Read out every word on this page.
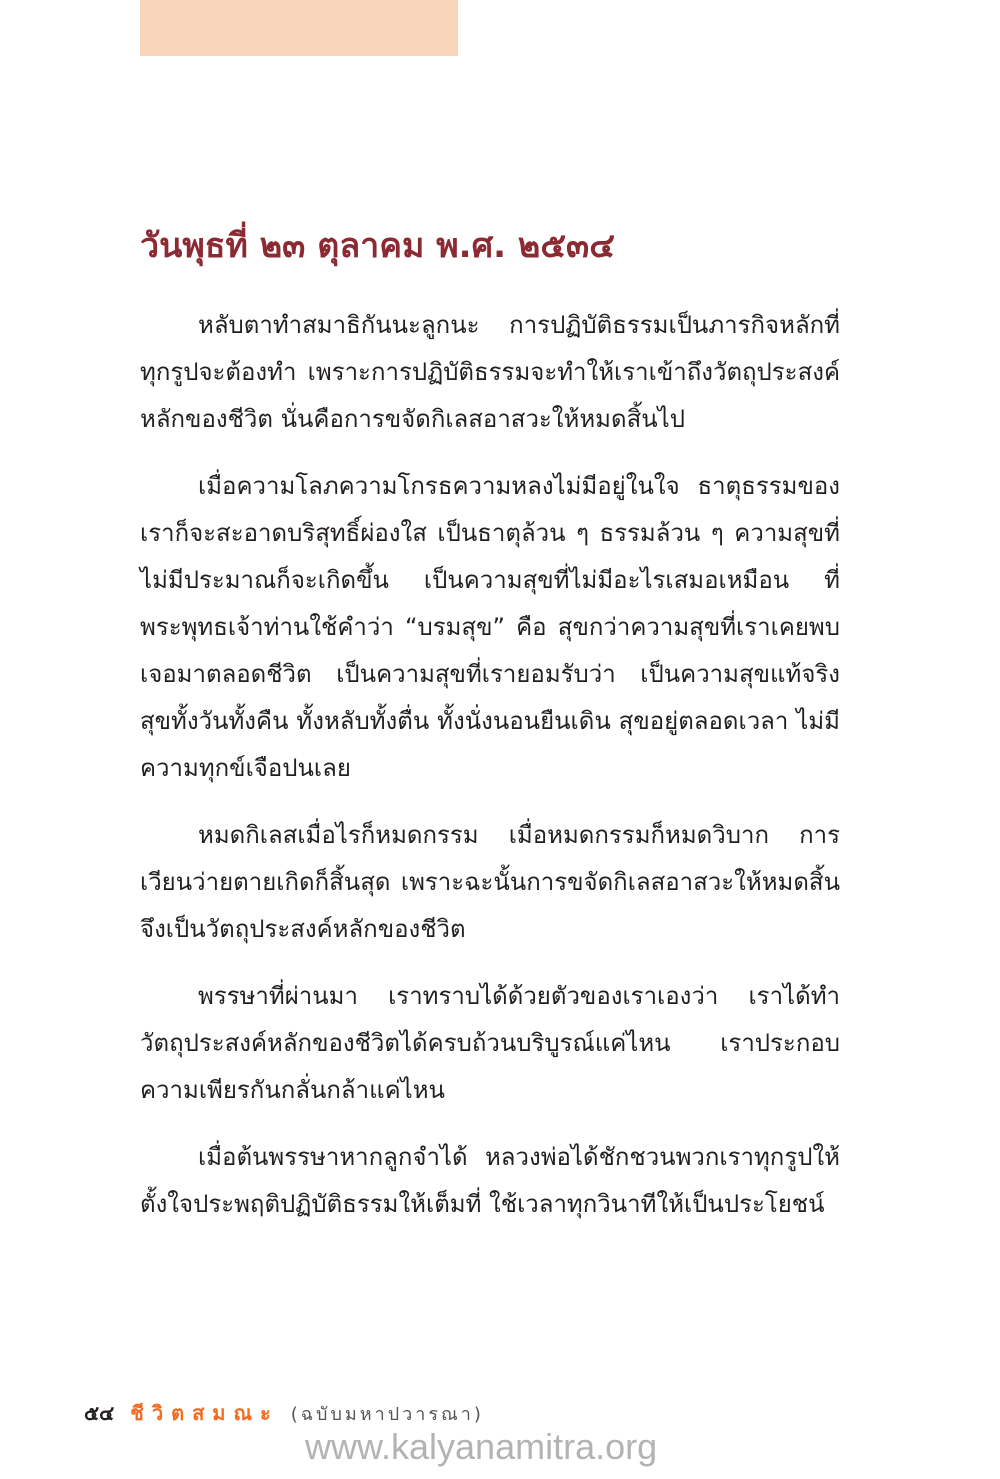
วันพุธที่ ๒๓ ตุลาคม พ.ศ. ๒๕๓๔

หลับตาทำสมาธิกันนะลูกนะ การปฏิบัติธรรมเป็นภารกิจหลักที่ทุกรูปจะต้องทำ เพราะการปฏิบัติธรรมจะทำให้เราเข้าถึงวัตถุประสงค์หลักของชีวิต นั่นคือการขจัดกิเลสอาสวะให้หมดสิ้นไป

เมื่อความโลภความโกรธความหลงไม่มีอยู่ในใจ ธาตุธรรมของเราก็จะสะอาดบริสุทธิ์ผ่องใส เป็นธาตุล้วน ๆ ธรรมล้วน ๆ ความสุขที่ไม่มีประมาณก็จะเกิดขึ้น เป็นความสุขที่ไม่มีอะไรเสมอเหมือน ที่พระพุทธเจ้าท่านใช้คำว่า “บรมสุข” คือ สุขกว่าความสุขที่เราเคยพบเจอมาตลอดชีวิต เป็นความสุขที่เรายอมรับว่า เป็นความสุขแท้จริง สุขทั้งวันทั้งคืน ทั้งหลับทั้งตื่น ทั้งนั่งนอนยืนเดิน สุขอยู่ตลอดเวลา ไม่มีความทุกข์เจือปนเลย

หมดกิเลสเมื่อไรก็หมดกรรม เมื่อหมดกรรมก็หมดวิบาก การเวียนว่ายตายเกิดก็สิ้นสุด เพราะฉะนั้นการขจัดกิเลสอาสวะให้หมดสิ้น จึงเป็นวัตถุประสงค์หลักของชีวิต

พรรษาที่ผ่านมา เราทราบได้ด้วยตัวของเราเองว่า เราได้ทำวัตถุประสงค์หลักของชีวิตได้ครบถ้วนบริบูรณ์แค่ไหน เราประกอบความเพียรกันกลั่นกล้าแค่ไหน

เมื่อต้นพรรษาหากลูกจำได้ หลวงพ่อได้ชักชวนพวกเราทุกรูปให้ตั้งใจประพฤติปฏิบัติธรรมให้เต็มที่ ใช้เวลาทุกวินาทีให้เป็นประโยชน์

๕๔ ชีวิตสมณะ (ฉบับมหาปวารณา)
www.kalyanamitra.org
